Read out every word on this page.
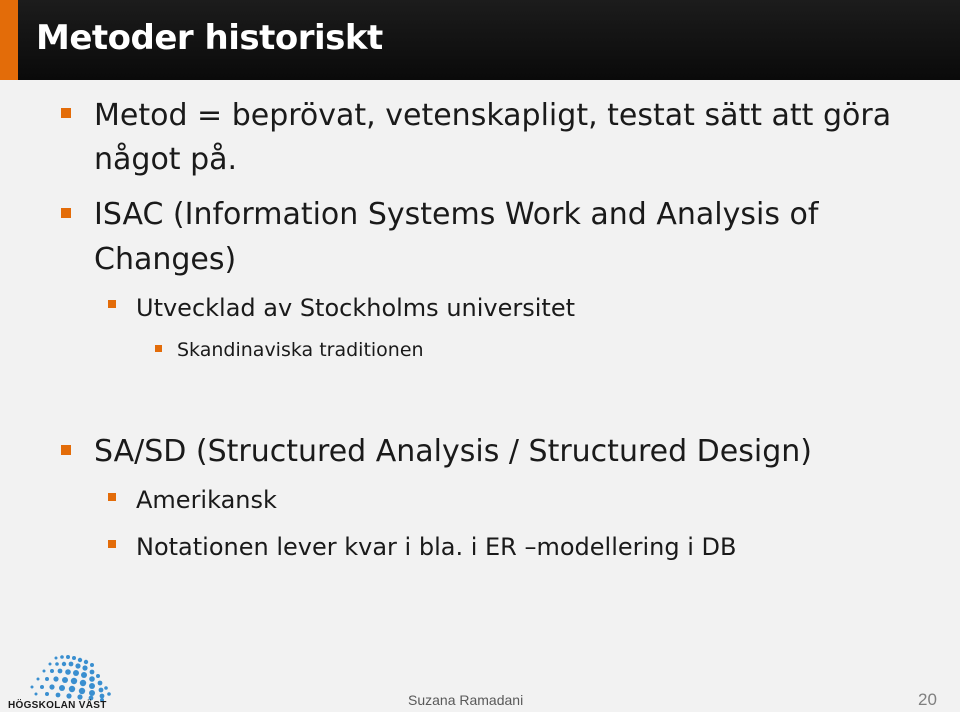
Metoder historiskt
Metod = beprövat, vetenskapligt, testat sätt att göra
något på.
ISAC (Information Systems Work and Analysis of
Changes)
Utvecklad av Stockholms universitet
Skandinaviska traditionen
SA/SD (Structured Analysis / Structured Design)
Amerikansk
Notationen lever kvar i bla. i ER –modellering i DB
HÖGSKOLAN VÄST	Suzana Ramadani	20
